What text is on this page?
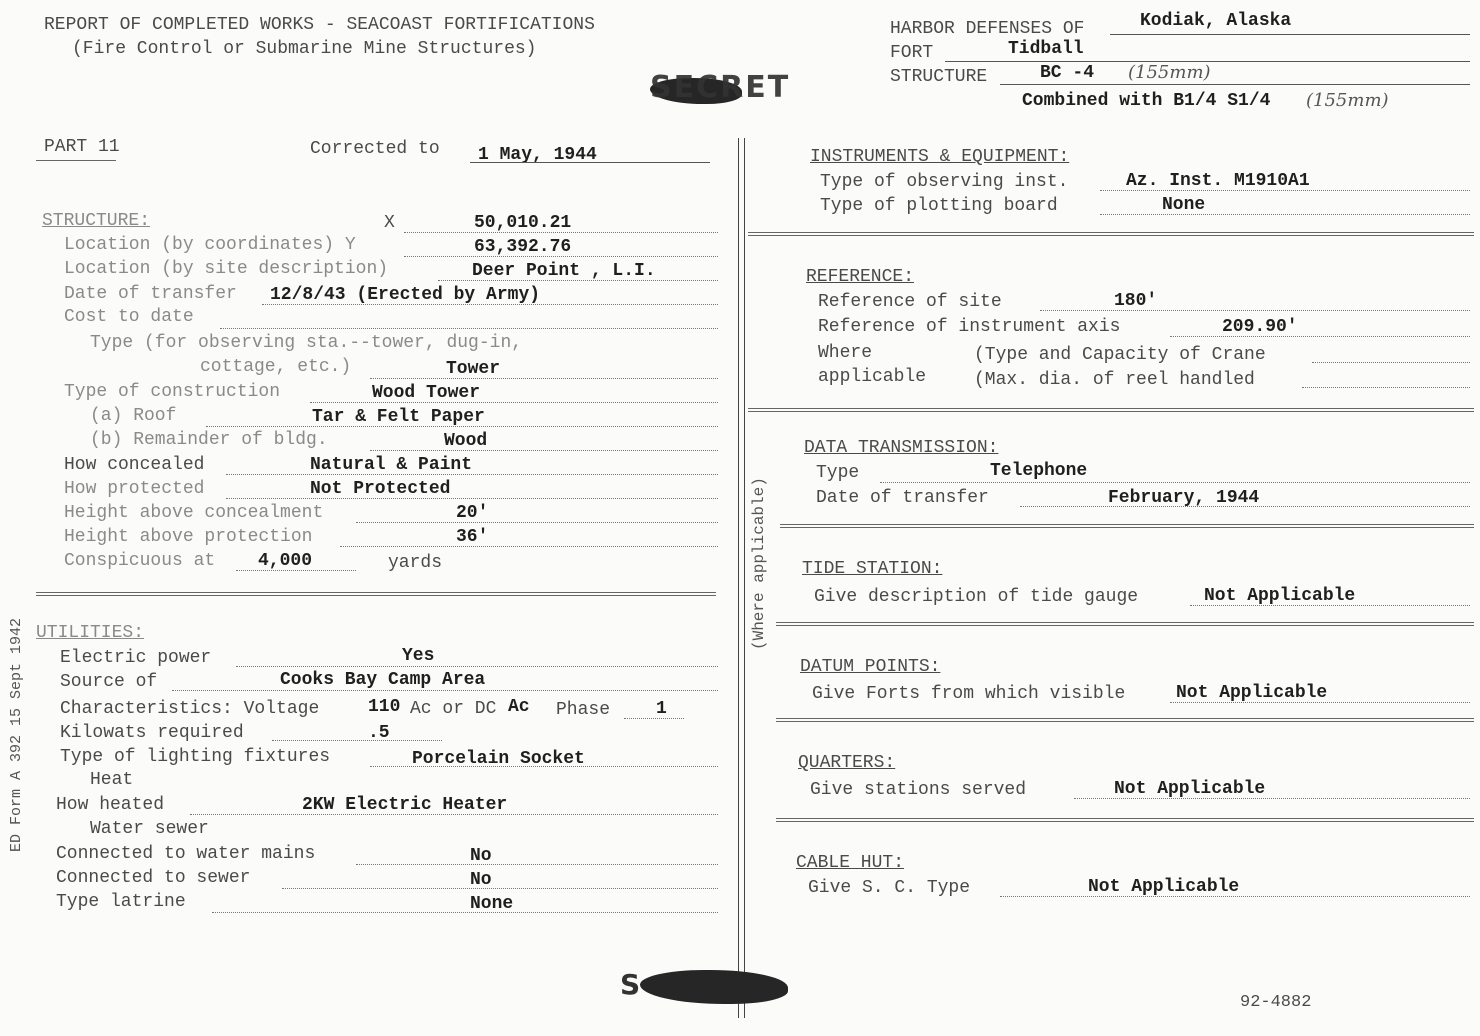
REPORT OF COMPLETED WORKS - SEACOAST FORTIFICATIONS
(Fire Control or Submarine Mine Structures)
SECRET
HARBOR DEFENSES OF	Kodiak, Alaska
FORT	Tidball
STRUCTURE	BC -4 (155mm)
Combined with B1/4 S1/4 (155mm)
PART 11	Corrected to 1 May, 1944
STRUCTURE:	X	50,010.21
Location (by coordinates) Y	63,392.76
Location (by site description)	Deer Point , L.I.
Date of transfer 12/8/43 (Erected by Army)
Cost to date
Type (for observing sta.--tower, dug-in,
cottage, etc.)	Tower
Type of construction	Wood Tower
(a) Roof	Tar & Felt Paper
(b) Remainder of bldg.	Wood
How concealed	Natural & Paint
How protected	Not Protected
Height above concealment	20'
Height above protection	36'
Conspicuous at 4,000	yards
UTILITIES:
Electric power	Yes
Source of	Cooks Bay Camp Area
Characteristics: Voltage	110 Ac or DC Ac Phase	1
Kilowats required	.5
Type of lighting fixtures	Porcelain Socket
Heat
How heated	2KW Electric Heater
Water sewer
Connected to water mains	No
Connected to sewer	No
Type latrine	None
INSTRUMENTS & EQUIPMENT:
Type of observing inst.	Az. Inst. M1910A1
Type of plotting board	None
REFERENCE:
Reference of site	180'
Reference of instrument axis	209.90'
Where	(Type and Capacity of Crane
applicable	(Max. dia. of reel handled
DATA TRANSMISSION:
Type	Telephone
Date of transfer	February, 1944
TIDE STATION:
Give description of tide gauge	Not Applicable
DATUM POINTS:
Give Forts from which visible	Not Applicable
QUARTERS:
Give stations served	Not Applicable
CABLE HUT:
Give S. C. Type	Not Applicable
(Where applicable)
ED Form A 392 15 Sept 1942
S
92-4882
